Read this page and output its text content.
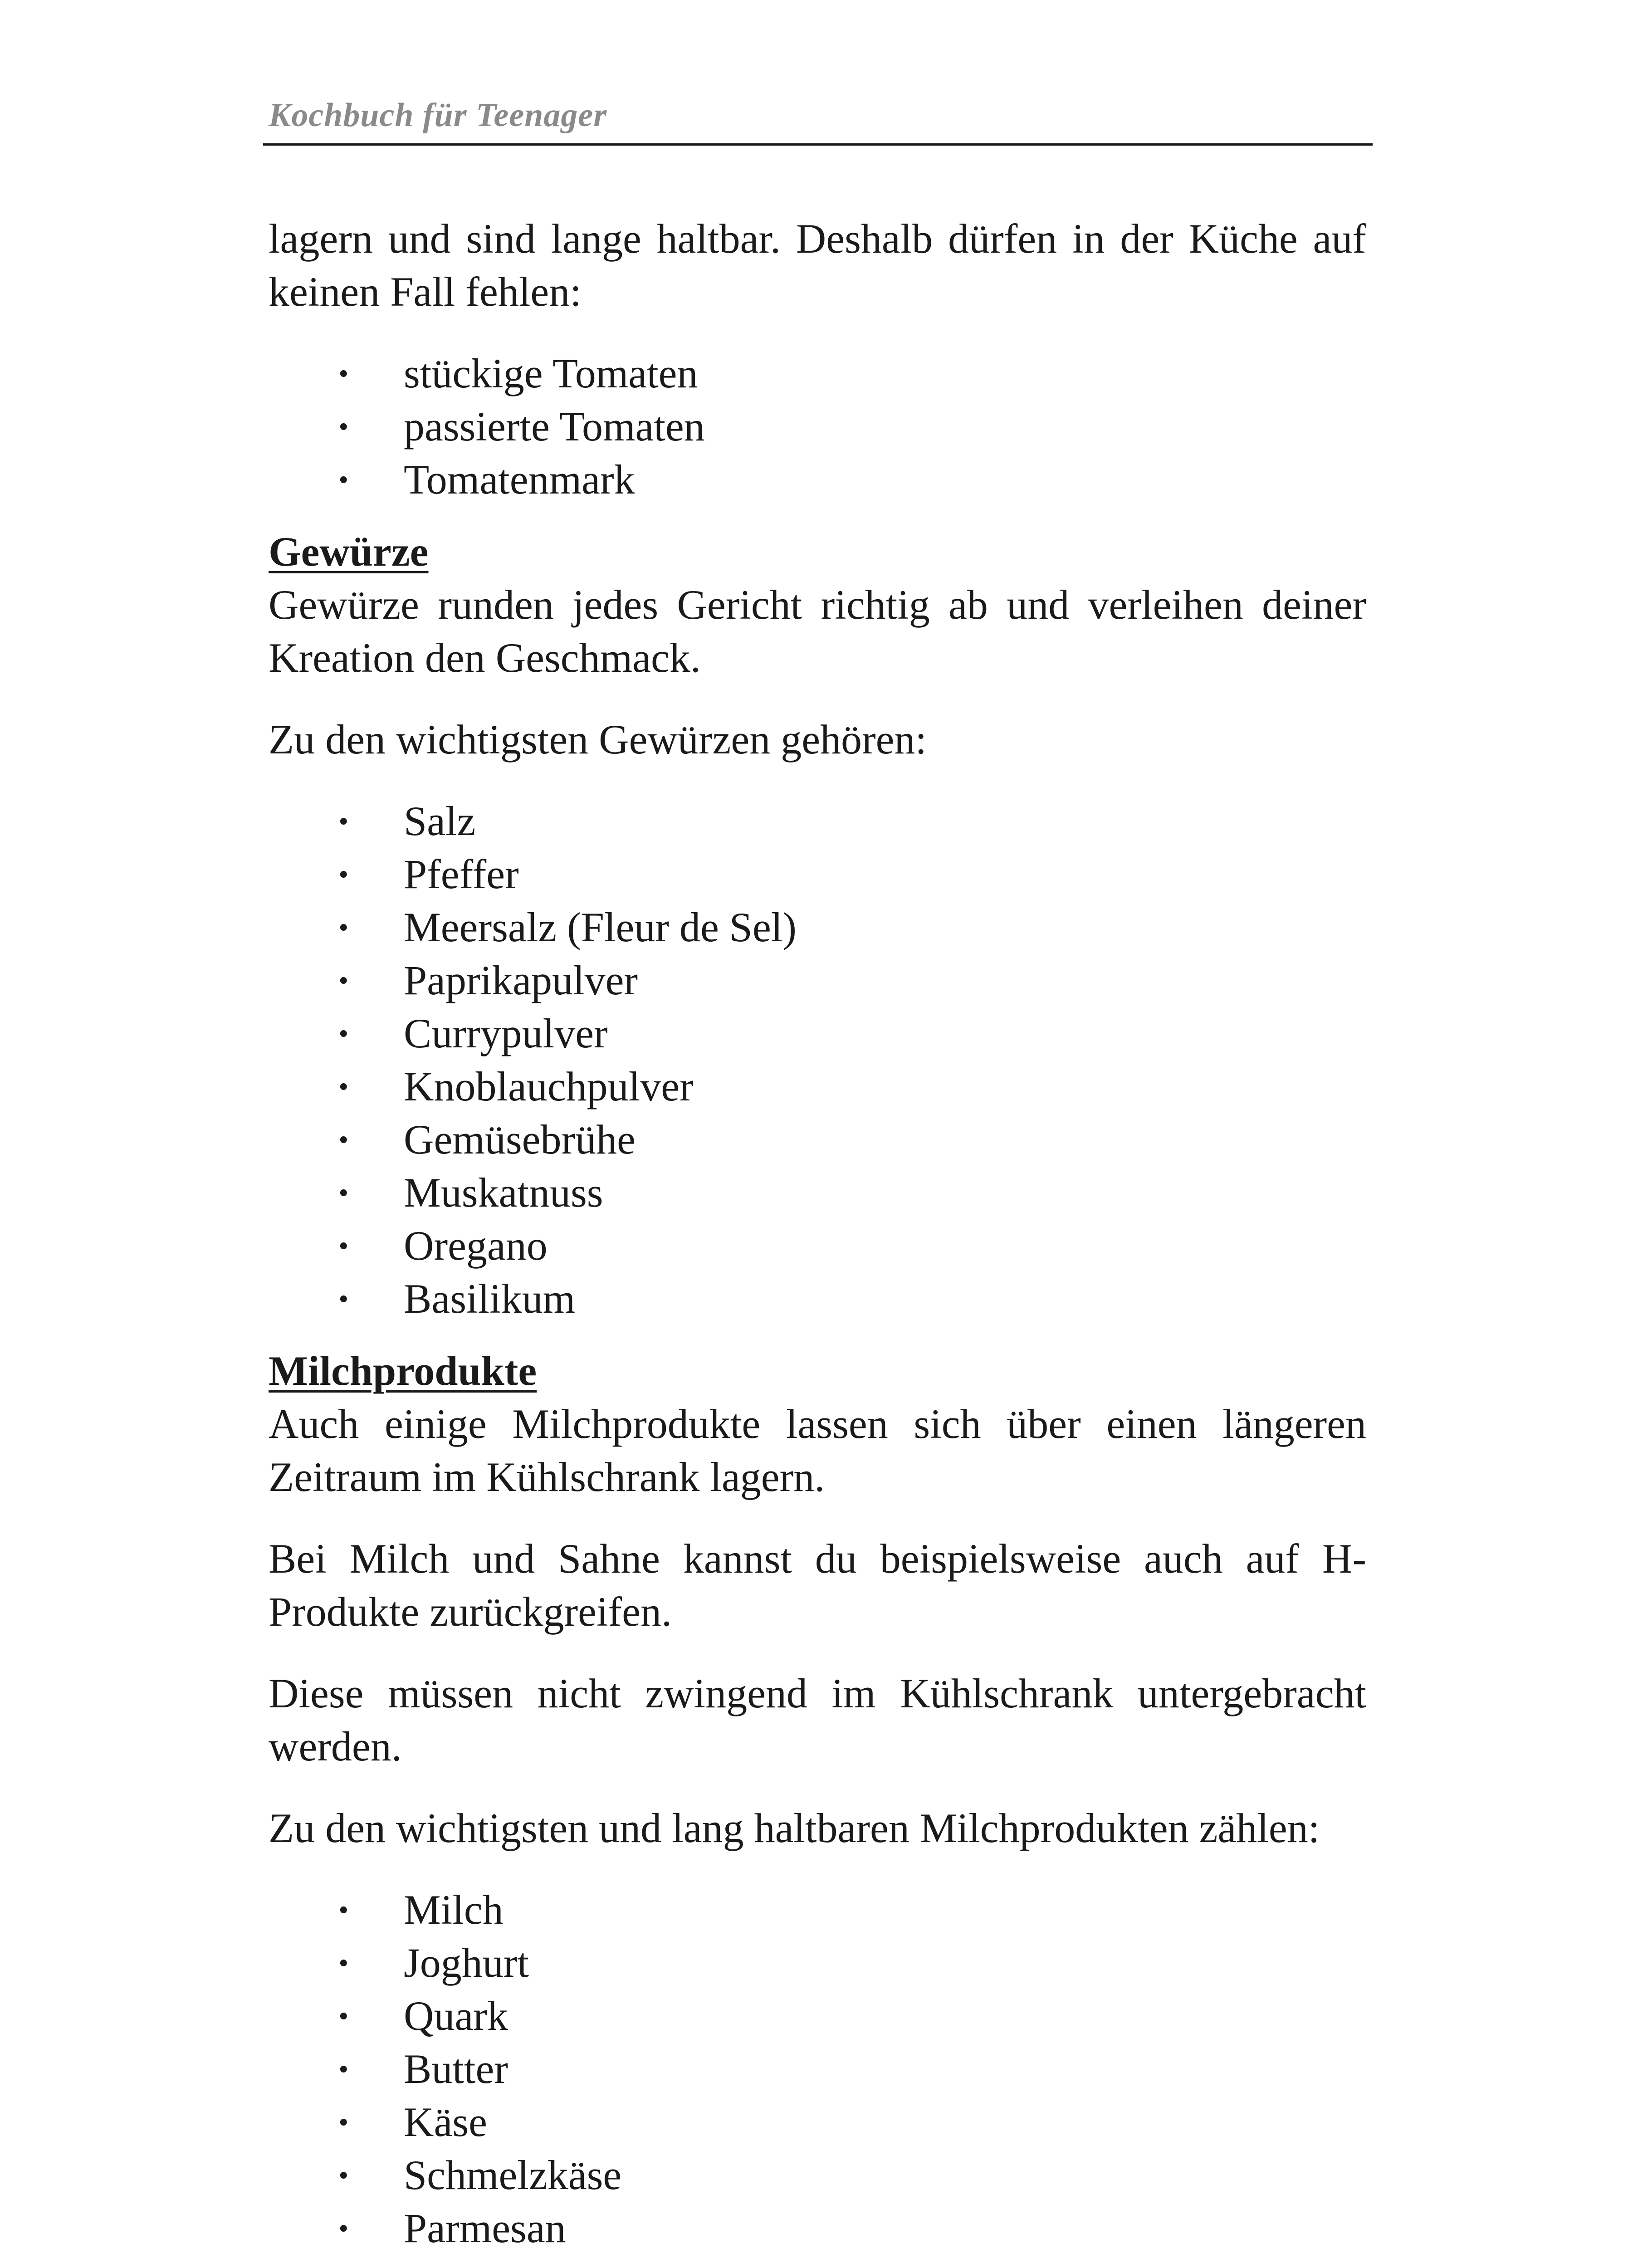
Kochbuch für Teenager

lagern und sind lange haltbar. Deshalb dürfen in der Küche auf keinen Fall fehlen:

· stückige Tomaten
· passierte Tomaten
· Tomatenmark
Gewürze

Gewürze runden jedes Gericht richtig ab und verleihen deiner Kreation den Geschmack.

Zu den wichtigsten Gewürzen gehören:

· Salz
· Pfeffer
· Meersalz (Fleur de Sel)
· Paprikapulver
· Currypulver
· Knoblauchpulver
· Gemüsebrühe
· Muskatnuss
· Oregano
· Basilikum
Milchprodukte

Auch einige Milchprodukte lassen sich über einen längeren Zeitraum im Kühlschrank lagern.

Bei Milch und Sahne kannst du beispielsweise auch auf H-Produkte zurückgreifen.

Diese müssen nicht zwingend im Kühlschrank untergebracht werden.

Zu den wichtigsten und lang haltbaren Milchprodukten zählen:

· Milch
· Joghurt
· Quark
· Butter
· Käse
· Schmelzkäse
· Parmesan
